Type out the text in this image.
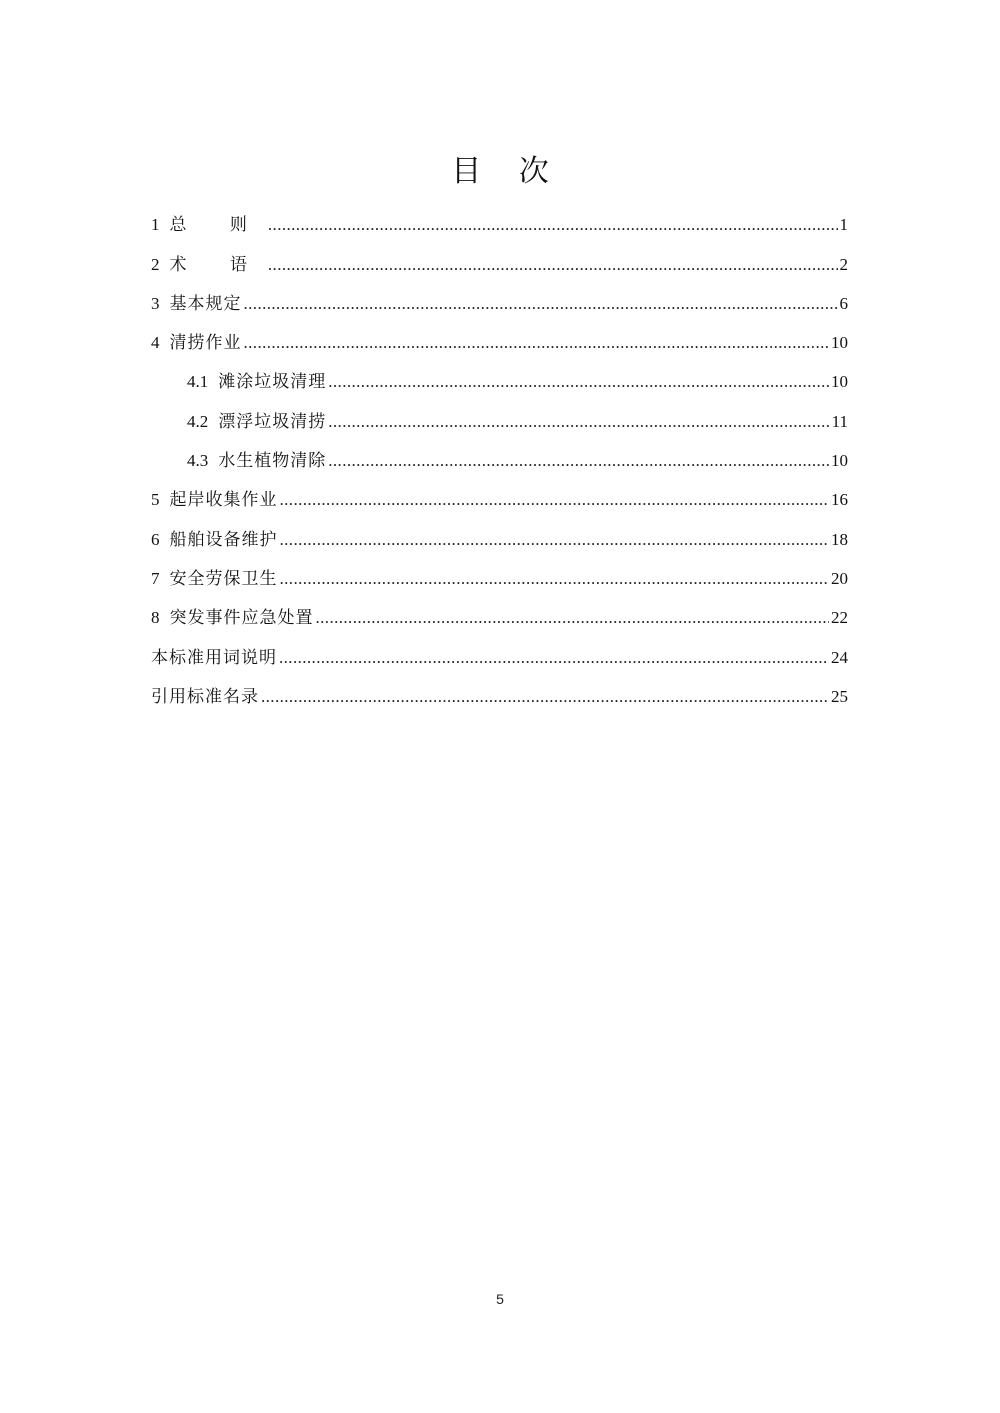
目 次
1 总 则 .....	1
2 术 语 .....	2
3 基本规定 .....	6
4 清捞作业 .....	10
4.1 滩涂垃圾清理 .....	10
4.2 漂浮垃圾清捞 .....	11
4.3 水生植物清除 .....	10
5 起岸收集作业 .....	16
6 船舶设备维护 .....	18
7 安全劳保卫生 .....	20
8 突发事件应急处置 .....	22
本标准用词说明 .....	24
引用标准名录 .....	25
5
